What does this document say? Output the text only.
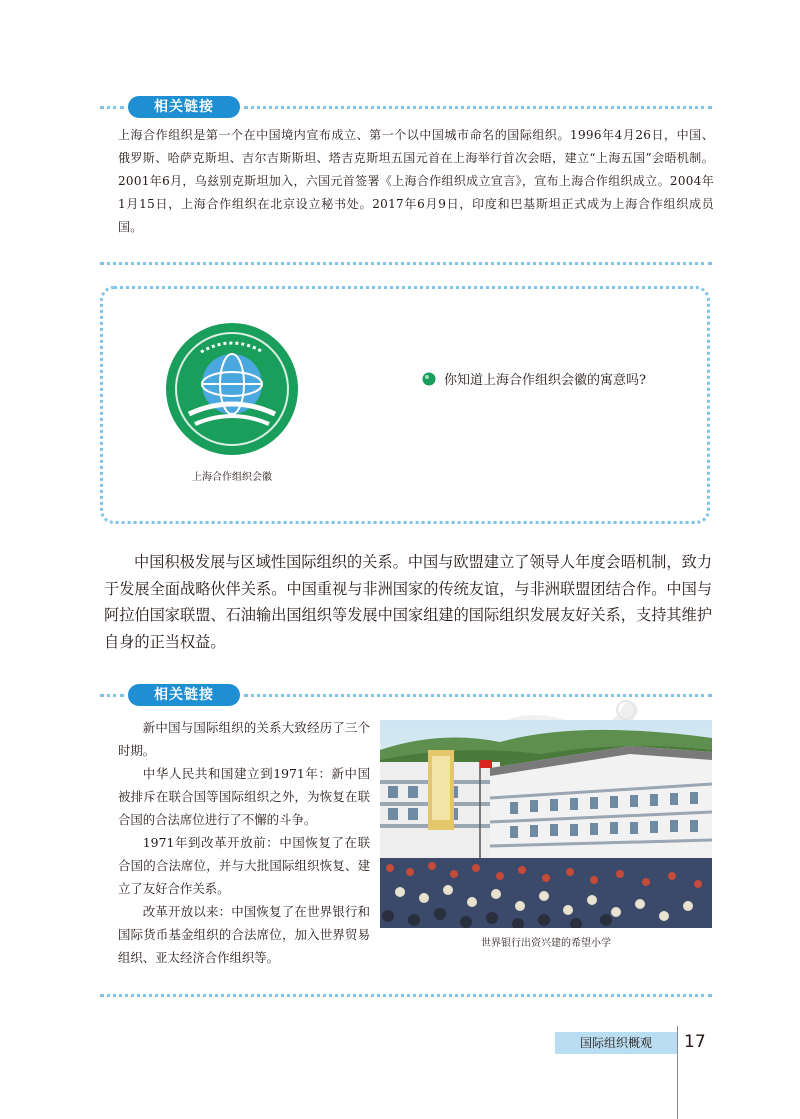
相关链接

上海合作组织是第一个在中国境内宣布成立、第一个以中国城市命名的国际组织。1996年4月26日，中国、俄罗斯、哈萨克斯坦、吉尔吉斯斯坦、塔吉克斯坦五国元首在上海举行首次会晤，建立“上海五国”会晤机制。2001年6月，乌兹别克斯坦加入，六国元首签署《上海合作组织成立宣言》，宣布上海合作组织成立。2004年1月15日，上海合作组织在北京设立秘书处。2017年6月9日，印度和巴基斯坦正式成为上海合作组织成员国。

上海合作组织会徽
你知道上海合作组织会徽的寓意吗?

中国积极发展与区域性国际组织的关系。中国与欧盟建立了领导人年度会晤机制，致力于发展全面战略伙伴关系。中国重视与非洲国家的传统友谊，与非洲联盟团结合作。中国与阿拉伯国家联盟、石油输出国组织等发展中国家组建的国际组织发展友好关系，支持其维护自身的正当权益。

相关链接

新中国与国际组织的关系大致经历了三个时期。

中华人民共和国建立到1971年：新中国被排斥在联合国等国际组织之外，为恢复在联合国的合法席位进行了不懈的斗争。

1971年到改革开放前：中国恢复了在联合国的合法席位，并与大批国际组织恢复、建立了友好合作关系。

改革开放以来：中国恢复了在世界银行和国际货币基金组织的合法席位，加入世界贸易组织、亚太经济合作组织等。

世界银行出资兴建的希望小学
国际组织概观	17
